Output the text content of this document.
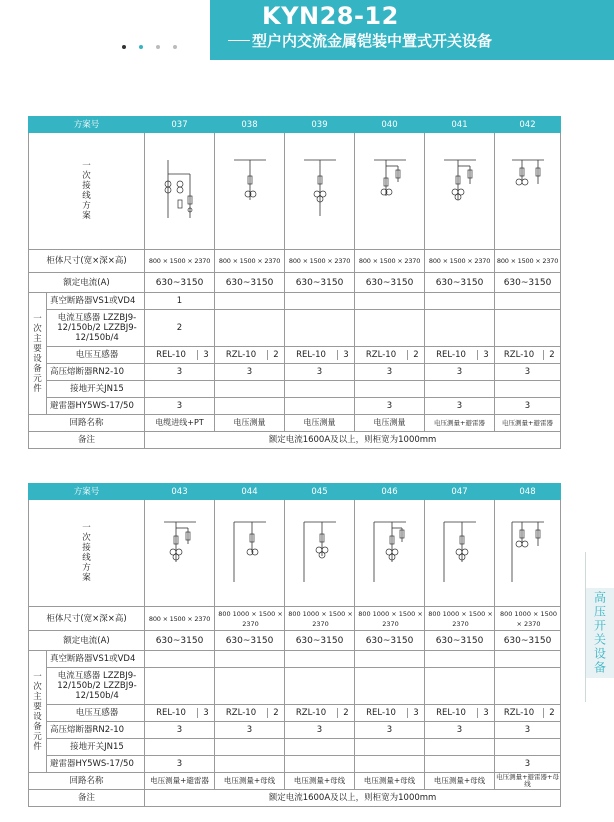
KYN28-12
型户内交流金属铠装中置式开关设备
方案号		037	038	039	040	041	042

一次接线方案

柜体尺寸(宽×深×高)		800 × 1500 × 2370	800 × 1500 × 2370	800 × 1500 × 2370	800 × 1500 × 2370	800 × 1500 × 2370	800 × 1500 × 2370
额定电流(A)		630~3150	630~3150	630~3150	630~3150	630~3150	630~3150

一次主要设备元件	真空断路器VS1或VD4	1					
	电流互感器 LZZBJ9-12/150b/2 LZZBJ9-12/150b/4	2					
	电压互感器	REL-10 3	RZL-10 2	REL-10 3	RZL-10 2	REL-10 3	RZL-10 2

	高压熔断器RN2-10	3	3	3	3	3	3
	接地开关JN15						
	避雷器HY5WS-17/50	3			3	3	3
回路名称		电缆进线+PT	电压测量	电压测量	电压测量	电压测量+避雷器	电压测量+避雷器
备注		额定电流1600A及以上，则柜宽为1000mm					
方案号		043	044	045	046	047	048

一次接线方案

柜体尺寸(宽×深×高)		800 × 1500 × 2370	800 1000 × 1500 × 2370	800 1000 × 1500 × 2370	800 1000 × 1500 × 2370	800 1000 × 1500 × 2370	800 1000 × 1500 × 2370
额定电流(A)		630~3150	630~3150	630~3150	630~3150	630~3150	630~3150

一次主要设备元件	真空断路器VS1或VD4						
	电流互感器 LZZBJ9-12/150b/2 LZZBJ9-12/150b/4						
	电压互感器	REL-10 3	RZL-10 2	RZL-10 2	REL-10 3	REL-10 3	RZL-10 2

	高压熔断器RN2-10	3	3	3	3	3	3
	接地开关JN15						
	避雷器HY5WS-17/50	3					3
回路名称		电压测量+避雷器	电压测量+母线	电压测量+母线	电压测量+母线	电压测量+母线	电压测量+避雷器+母线
备注		额定电流1600A及以上，则柜宽为1000mm					
高压开关设备
